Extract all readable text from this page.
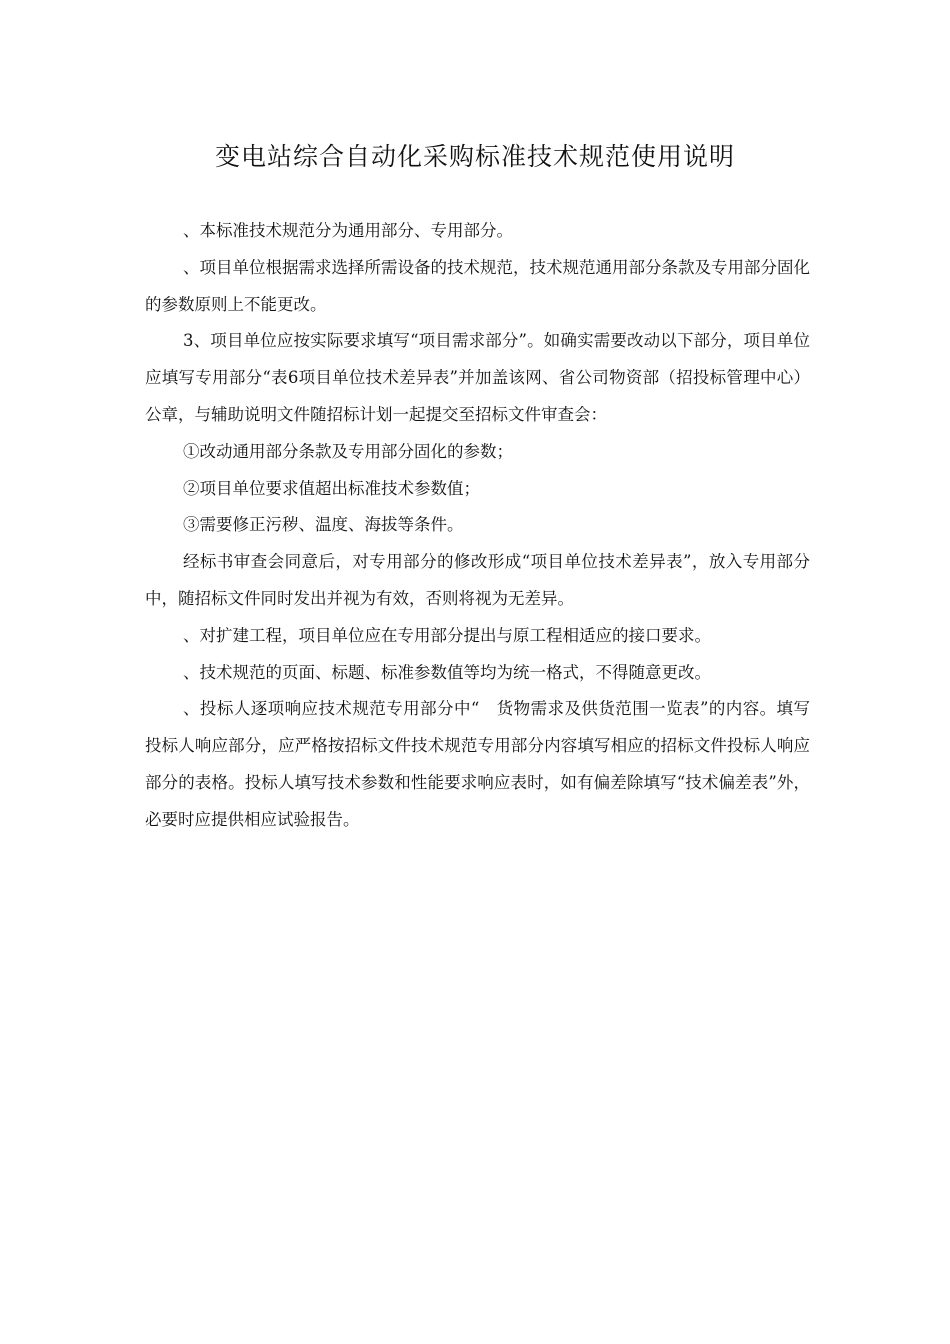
变电站综合自动化采购标准技术规范使用说明

、本标准技术规范分为通用部分、专用部分。

、项目单位根据需求选择所需设备的技术规范，技术规范通用部分条款及专用部分固化的参数原则上不能更改。

3、项目单位应按实际要求填写“项目需求部分”。如确实需要改动以下部分，项目单位应填写专用部分“表6项目单位技术差异表”并加盖该网、省公司物资部（招投标管理中心）公章，与辅助说明文件随招标计划一起提交至招标文件审查会：

①改动通用部分条款及专用部分固化的参数；

②项目单位要求值超出标准技术参数值；

③需要修正污秽、温度、海拔等条件。

经标书审查会同意后，对专用部分的修改形成“项目单位技术差异表”，放入专用部分中，随招标文件同时发出并视为有效，否则将视为无差异。

、对扩建工程，项目单位应在专用部分提出与原工程相适应的接口要求。

、技术规范的页面、标题、标准参数值等均为统一格式，不得随意更改。

、投标人逐项响应技术规范专用部分中“　货物需求及供货范围一览表”的内容。填写投标人响应部分，应严格按招标文件技术规范专用部分内容填写相应的招标文件投标人响应部分的表格。投标人填写技术参数和性能要求响应表时，如有偏差除填写“技术偏差表”外，必要时应提供相应试验报告。
